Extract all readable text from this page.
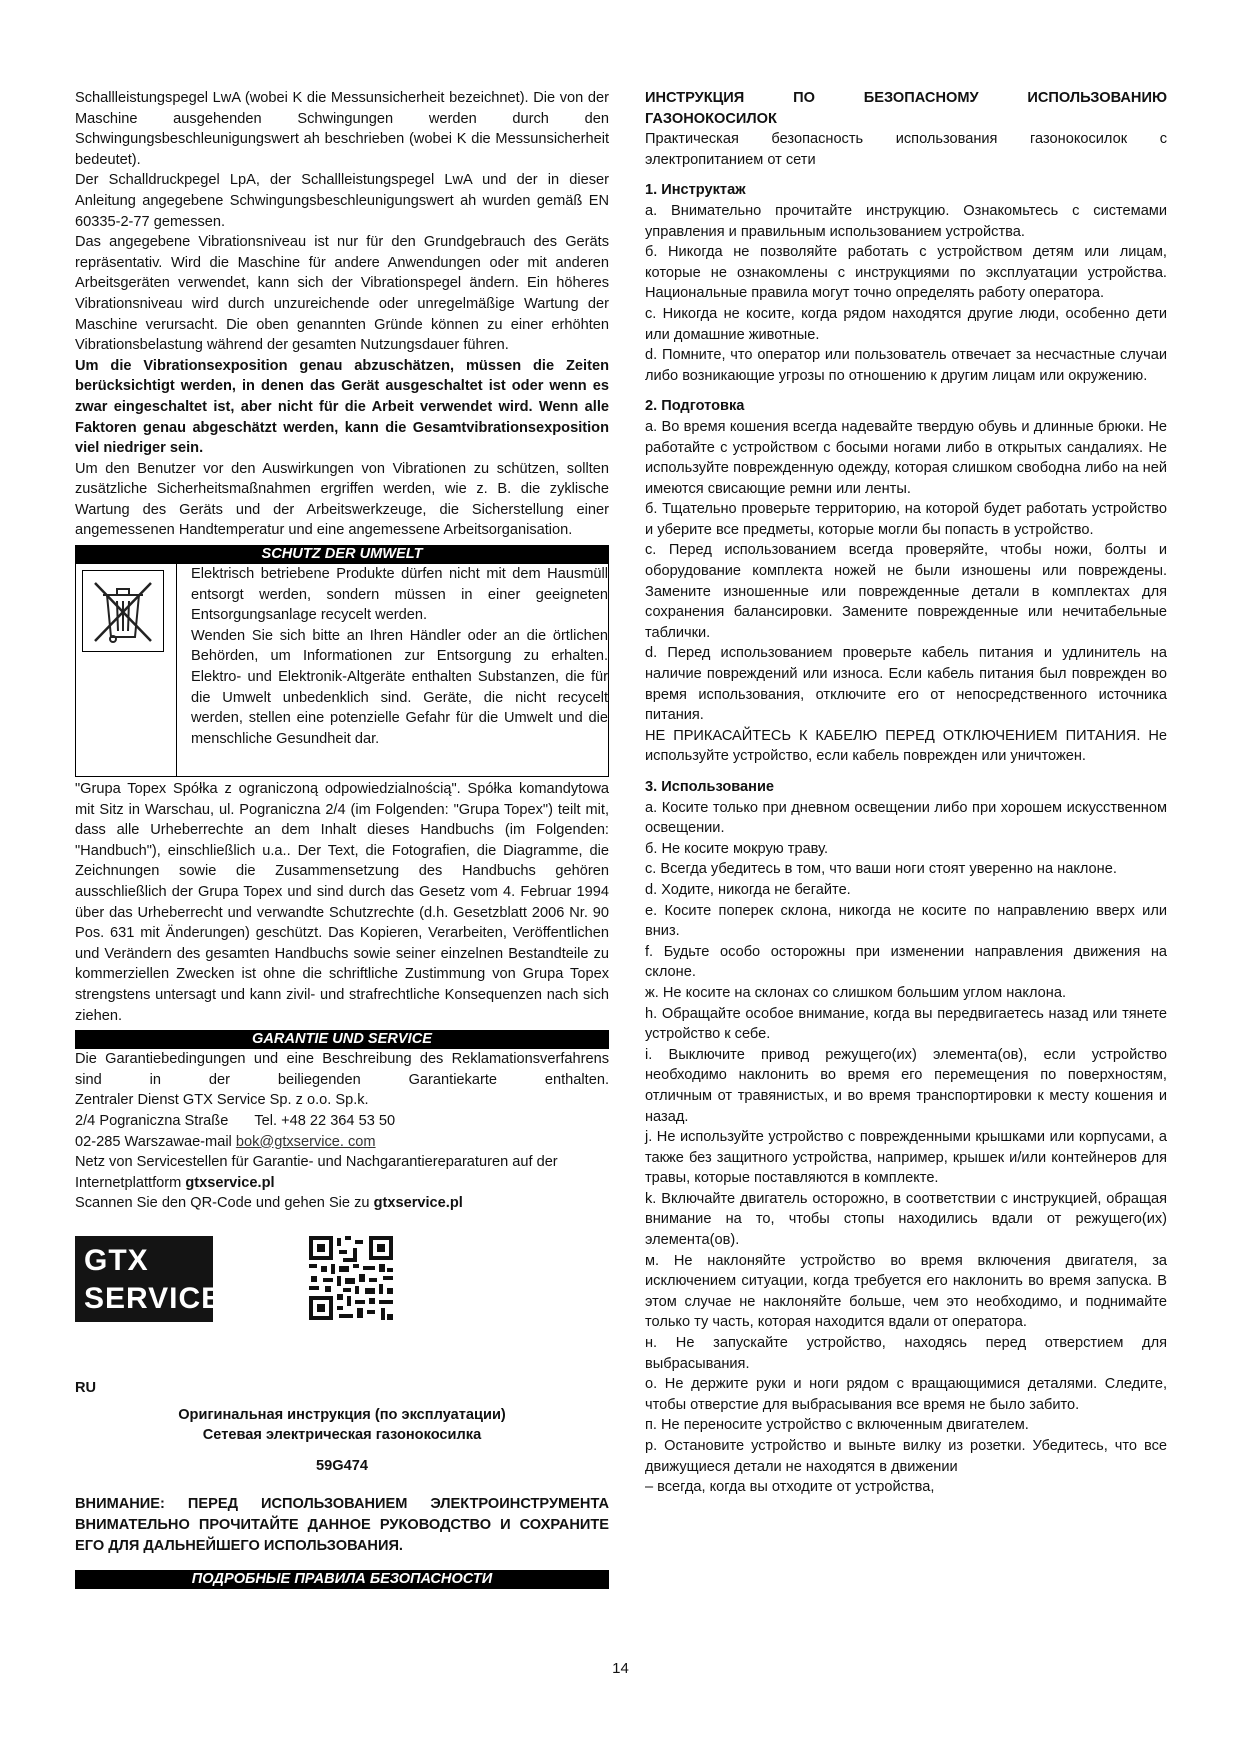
Schallleistungspegel LwA (wobei K die Messunsicherheit bezeichnet). Die von der Maschine ausgehenden Schwingungen werden durch den Schwingungsbeschleunigungswert ah beschrieben (wobei K die Messunsicherheit bedeutet).

Der Schalldruckpegel LpA, der Schallleistungspegel LwA und der in dieser Anleitung angegebene Schwingungsbeschleunigungswert ah wurden gemäß EN 60335-2-77 gemessen.

Das angegebene Vibrationsniveau ist nur für den Grundgebrauch des Geräts repräsentativ. Wird die Maschine für andere Anwendungen oder mit anderen Arbeitsgeräten verwendet, kann sich der Vibrationspegel ändern. Ein höheres Vibrationsniveau wird durch unzureichende oder unregelmäßige Wartung der Maschine verursacht. Die oben genannten Gründe können zu einer erhöhten Vibrationsbelastung während der gesamten Nutzungsdauer führen.

Um die Vibrationsexposition genau abzuschätzen, müssen die Zeiten berücksichtigt werden, in denen das Gerät ausgeschaltet ist oder wenn es zwar eingeschaltet ist, aber nicht für die Arbeit verwendet wird. Wenn alle Faktoren genau abgeschätzt werden, kann die Gesamtvibrationsexposition viel niedriger sein.

Um den Benutzer vor den Auswirkungen von Vibrationen zu schützen, sollten zusätzliche Sicherheitsmaßnahmen ergriffen werden, wie z. B. die zyklische Wartung des Geräts und der Arbeitswerkzeuge, die Sicherstellung einer angemessenen Handtemperatur und eine angemessene Arbeitsorganisation.

SCHUTZ DER UMWELT

Elektrisch betriebene Produkte dürfen nicht mit dem Hausmüll entsorgt werden, sondern müssen in einer geeigneten Entsorgungsanlage recycelt werden.

Wenden Sie sich bitte an Ihren Händler oder an die örtlichen Behörden, um Informationen zur Entsorgung zu erhalten. Elektro- und Elektronik-Altgeräte enthalten Substanzen, die für die Umwelt unbedenklich sind. Geräte, die nicht recycelt werden, stellen eine potenzielle Gefahr für die Umwelt und die menschliche Gesundheit dar.

"Grupa Topex Spółka z ograniczoną odpowiedzialnością". Spółka komandytowa mit Sitz in Warschau, ul. Pograniczna 2/4 (im Folgenden: "Grupa Topex") teilt mit, dass alle Urheberrechte an dem Inhalt dieses Handbuchs (im Folgenden: "Handbuch"), einschließlich u.a.. Der Text, die Fotografien, die Diagramme, die Zeichnungen sowie die Zusammensetzung des Handbuchs gehören ausschließlich der Grupa Topex und sind durch das Gesetz vom 4. Februar 1994 über das Urheberrecht und verwandte Schutzrechte (d.h. Gesetzblatt 2006 Nr. 90 Pos. 631 mit Änderungen) geschützt. Das Kopieren, Verarbeiten, Veröffentlichen und Verändern des gesamten Handbuchs sowie seiner einzelnen Bestandteile zu kommerziellen Zwecken ist ohne die schriftliche Zustimmung von Grupa Topex strengstens untersagt und kann zivil- und strafrechtliche Konsequenzen nach sich ziehen.

GARANTIE UND SERVICE

Die Garantiebedingungen und eine Beschreibung des Reklamationsverfahrens sind in der beiliegenden Garantiekarte enthalten.

Zentraler Dienst GTX Service Sp. z o.o. Sp.k.

2/4 Pograniczna Straße Tel. +48 22 364 53 50

02-285 Warszawae-mail bok@gtxservice. com

Netz von Servicestellen für Garantie- und Nachgarantiereparaturen auf der Internetplattform gtxservice.pl

Scannen Sie den QR-Code und gehen Sie zu gtxservice.pl

GTX
SERVICE

RU

Оригинальная инструкция (по эксплуатации)

Сетевая электрическая газонокосилка

59G474

ВНИМАНИЕ: ПЕРЕД ИСПОЛЬЗОВАНИЕМ ЭЛЕКТРОИНСТРУМЕНТА ВНИМАТЕЛЬНО ПРОЧИТАЙТЕ ДАННОЕ РУКОВОДСТВО И СОХРАНИТЕ ЕГО ДЛЯ ДАЛЬНЕЙШЕГО ИСПОЛЬЗОВАНИЯ.

ПОДРОБНЫЕ ПРАВИЛА БЕЗОПАСНОСТИ

ИНСТРУКЦИЯ ПО БЕЗОПАСНОМУ ИСПОЛЬЗОВАНИЮ ГАЗОНОКОСИЛОК

Практическая безопасность использования газонокосилок с электропитанием от сети

1. Инструктаж

а. Внимательно прочитайте инструкцию. Ознакомьтесь с системами управления и правильным использованием устройства.

б. Никогда не позволяйте работать с устройством детям или лицам, которые не ознакомлены с инструкциями по эксплуатации устройства. Национальные правила могут точно определять работу оператора.

c. Никогда не косите, когда рядом находятся другие люди, особенно дети или домашние животные.

d. Помните, что оператор или пользователь отвечает за несчастные случаи либо возникающие угрозы по отношению к другим лицам или окружению.

2. Подготовка

а. Во время кошения всегда надевайте твердую обувь и длинные брюки. Не работайте с устройством с босыми ногами либо в открытых сандалиях. Не используйте поврежденную одежду, которая слишком свободна либо на ней имеются свисающие ремни или ленты.

б. Тщательно проверьте территорию, на которой будет работать устройство и уберите все предметы, которые могли бы попасть в устройство.

c. Перед использованием всегда проверяйте, чтобы ножи, болты и оборудование комплекта ножей не были изношены или повреждены. Замените изношенные или поврежденные детали в комплектах для сохранения балансировки. Замените поврежденные или нечитабельные таблички.

d. Перед использованием проверьте кабель питания и удлинитель на наличие повреждений или износа. Если кабель питания был поврежден во время использования, отключите его от непосредственного источника питания.

НЕ ПРИКАСАЙТЕСЬ К КАБЕЛЮ ПЕРЕД ОТКЛЮЧЕНИЕМ ПИТАНИЯ. Не используйте устройство, если кабель поврежден или уничтожен.

3. Использование

а. Косите только при дневном освещении либо при хорошем искусственном освещении.

б. Не косите мокрую траву.

c. Всегда убедитесь в том, что ваши ноги стоят уверенно на наклоне.

d. Ходите, никогда не бегайте.

e. Косите поперек склона, никогда не косите по направлению вверх или вниз.

f. Будьте особо осторожны при изменении направления движения на склоне.

ж. Не косите на склонах со слишком большим углом наклона.

h. Обращайте особое внимание, когда вы передвигаетесь назад или тянете устройство к себе.

i. Выключите привод режущего(их) элемента(ов), если устройство необходимо наклонить во время его перемещения по поверхностям, отличным от травянистых, и во время транспортировки к месту кошения и назад.

j. Не используйте устройство с поврежденными крышками или корпусами, а также без защитного устройства, например, крышек и/или контейнеров для травы, которые поставляются в комплекте.

k. Включайте двигатель осторожно, в соответствии с инструкцией, обращая внимание на то, чтобы стопы находились вдали от режущего(их) элемента(ов).

м. Не наклоняйте устройство во время включения двигателя, за исключением ситуации, когда требуется его наклонить во время запуска. В этом случае не наклоняйте больше, чем это необходимо, и поднимайте только ту часть, которая находится вдали от оператора.

н. Не запускайте устройство, находясь перед отверстием для выбрасывания.

о. Не держите руки и ноги рядом с вращающимися деталями. Следите, чтобы отверстие для выбрасывания все время не было забито.

п. Не переносите устройство с включенным двигателем.

р. Остановите устройство и выньте вилку из розетки. Убедитесь, что все движущиеся детали не находятся в движении

– всегда, когда вы отходите от устройства,

14
